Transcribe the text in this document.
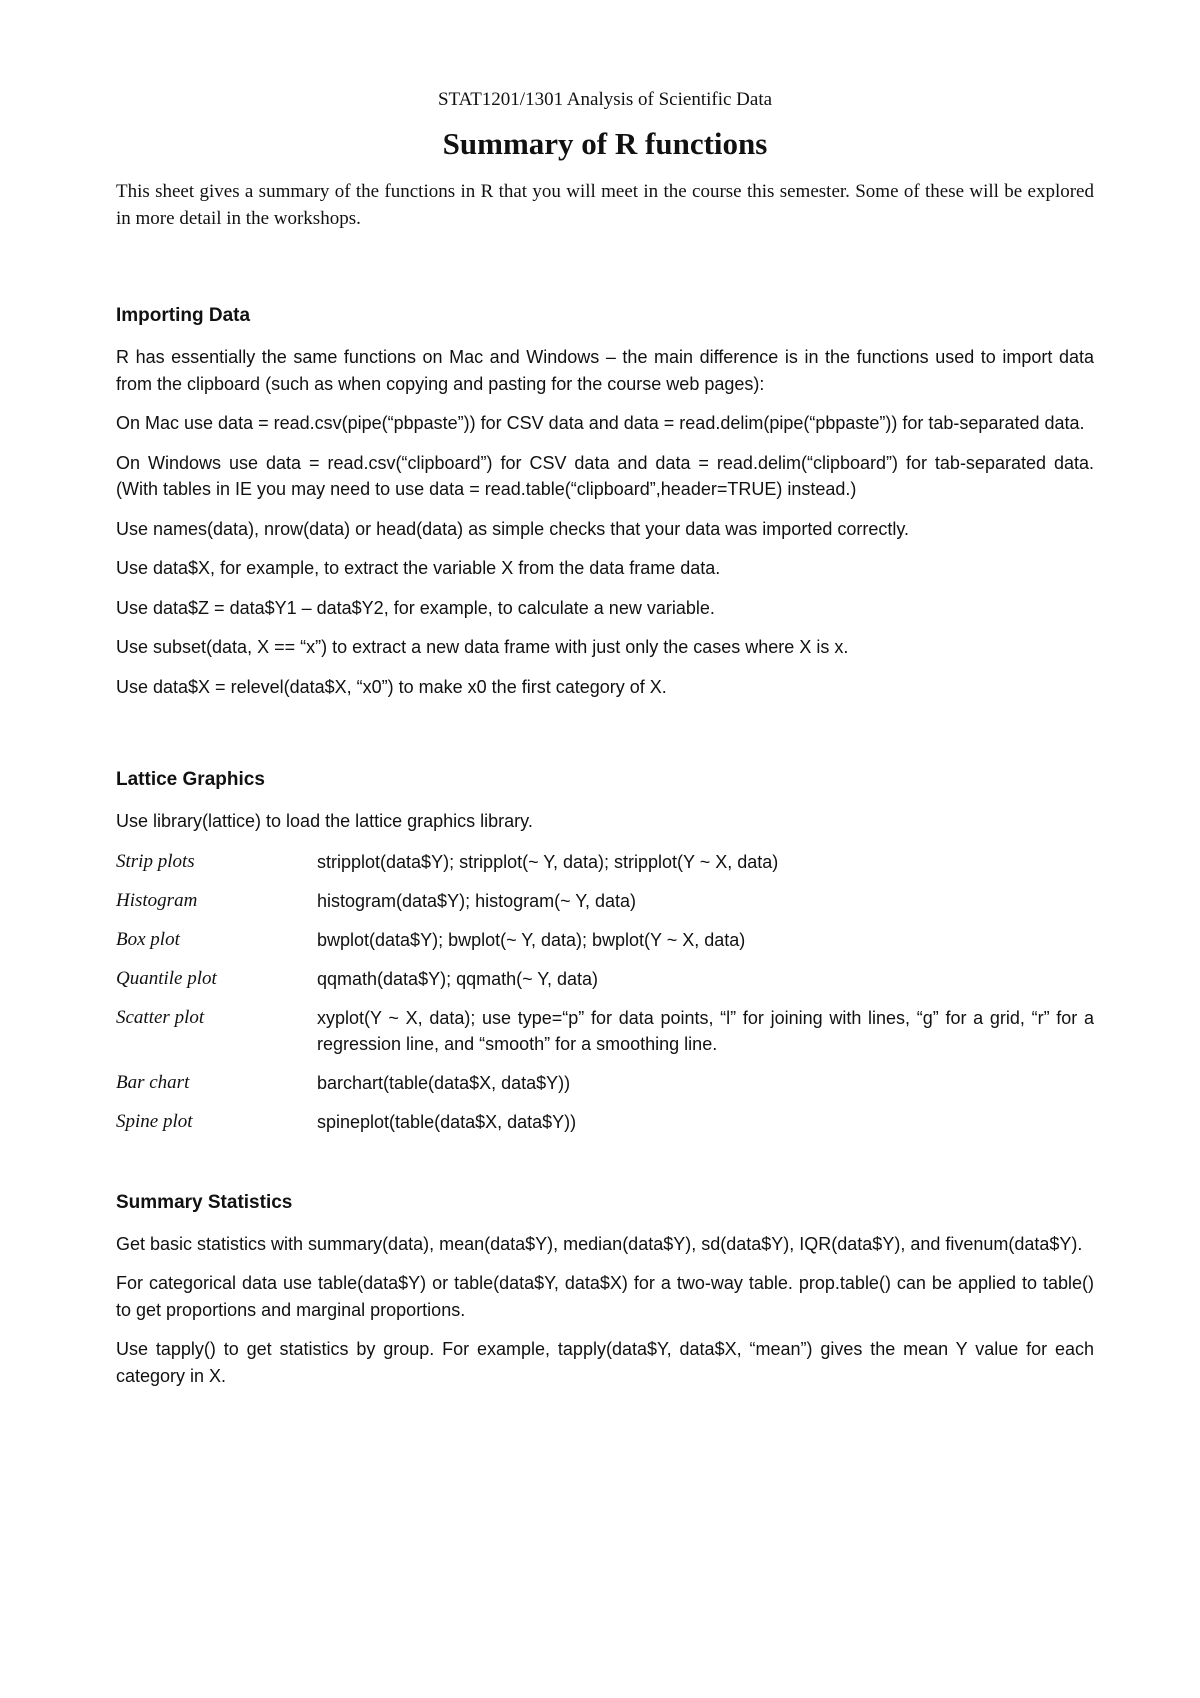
STAT1201/1301 Analysis of Scientific Data
Summary of R functions

This sheet gives a summary of the functions in R that you will meet in the course this semester. Some of these will be explored in more detail in the workshops.

Importing Data

R has essentially the same functions on Mac and Windows – the main difference is in the functions used to import data from the clipboard (such as when copying and pasting for the course web pages):

On Mac use data = read.csv(pipe(“pbpaste”)) for CSV data and data = read.delim(pipe(“pbpaste”)) for tab-separated data.

On Windows use data = read.csv(“clipboard”) for CSV data and data = read.delim(“clipboard”) for tab-separated data. (With tables in IE you may need to use data = read.table(“clipboard”,header=TRUE) instead.)

Use names(data), nrow(data) or head(data) as simple checks that your data was imported correctly.

Use data$X, for example, to extract the variable X from the data frame data.

Use data$Z = data$Y1 – data$Y2, for example, to calculate a new variable.

Use subset(data, X == “x”) to extract a new data frame with just only the cases where X is x.

Use data$X = relevel(data$X, “x0”) to make x0 the first category of X.

Lattice Graphics

Use library(lattice) to load the lattice graphics library.

Strip plots	stripplot(data$Y); stripplot(~ Y, data); stripplot(Y ~ X, data)
Histogram	histogram(data$Y); histogram(~ Y, data)
Box plot	bwplot(data$Y); bwplot(~ Y, data); bwplot(Y ~ X, data)
Quantile plot	qqmath(data$Y); qqmath(~ Y, data)
Scatter plot	xyplot(Y ~ X, data); use type=“p” for data points, “l” for joining with lines, “g” for a grid, “r” for a regression line, and “smooth” for a smoothing line.
Bar chart	barchart(table(data$X, data$Y))
Spine plot	spineplot(table(data$X, data$Y))
Summary Statistics

Get basic statistics with summary(data), mean(data$Y), median(data$Y), sd(data$Y), IQR(data$Y), and fivenum(data$Y).

For categorical data use table(data$Y) or table(data$Y, data$X) for a two-way table. prop.table() can be applied to table() to get proportions and marginal proportions.

Use tapply() to get statistics by group. For example, tapply(data$Y, data$X, “mean”) gives the mean Y value for each category in X.
